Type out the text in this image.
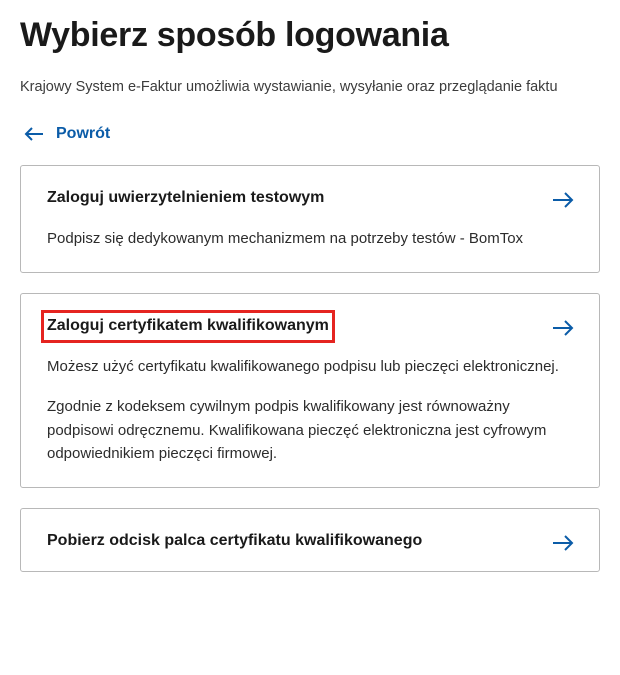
Wybierz sposób logowania

Krajowy System e-Faktur umożliwia wystawianie, wysyłanie oraz przeglądanie faktu

Powrót
Zaloguj uwierzytelnieniem testowym

Podpisz się dedykowanym mechanizmem na potrzeby testów - BomTox

Zaloguj certyfikatem kwalifikowanym

Możesz użyć certyfikatu kwalifikowanego podpisu lub pieczęci elektronicznej.

Zgodnie z kodeksem cywilnym podpis kwalifikowany jest równoważny podpisowi odręcznemu. Kwalifikowana pieczęć elektroniczna jest cyfrowym odpowiednikiem pieczęci firmowej.

Pobierz odcisk palca certyfikatu kwalifikowanego
